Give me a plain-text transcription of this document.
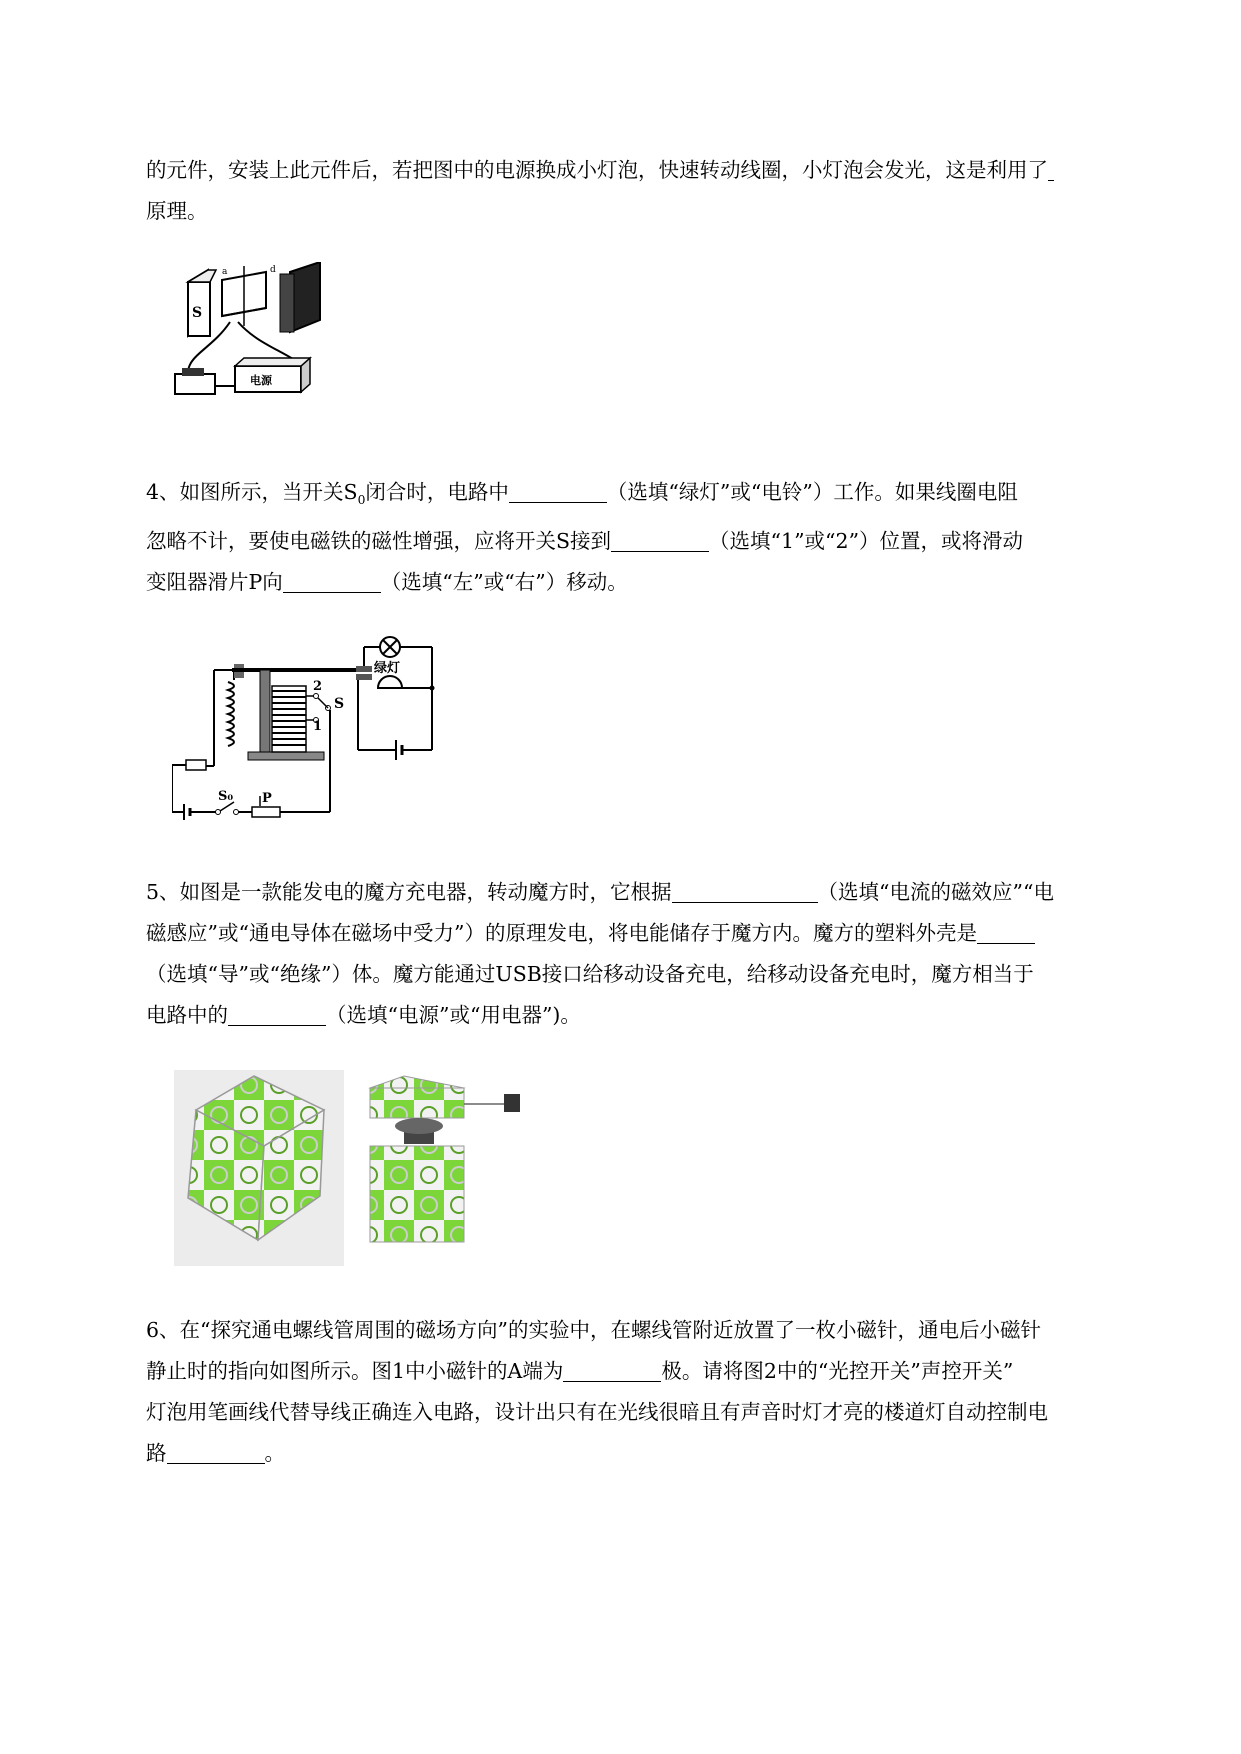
的元件，安装上此元件后，若把图中的电源换成小灯泡，快速转动线圈，小灯泡会发光，这是利用了
原理。

S
a	d
电源

4、如图所示，当开关$S_0$闭合时，电路中	（选填“绿灯”或“电铃”）工作。如果线圈电阻
忽略不计，要使电磁铁的磁性增强，应将开关S接到	（选填“1”或“2”）位置，或将滑动
变阻器滑片P向	（选填“左”或“右”）移动。

2
1
S
绿灯
S₀ P

5、如图是一款能发电的魔方充电器，转动魔方时，它根据	（选填“电流的磁效应”“电
磁感应”或“通电导体在磁场中受力”）的原理发电，将电能储存于魔方内。魔方的塑料外壳是
（选填“导”或“绝缘”）体。魔方能通过USB接口给移动设备充电，给移动设备充电时，魔方相当于
电路中的	（选填“电源”或“用电器”)。

6、在“探究通电螺线管周围的磁场方向”的实验中，在螺线管附近放置了一枚小磁针，通电后小磁针
静止时的指向如图所示。图1中小磁针的A端为	极。请将图2中的“光控开关”声控开关”
灯泡用笔画线代替导线正确连入电路，设计出只有在光线很暗且有声音时灯才亮的楼道灯自动控制电
路	。
